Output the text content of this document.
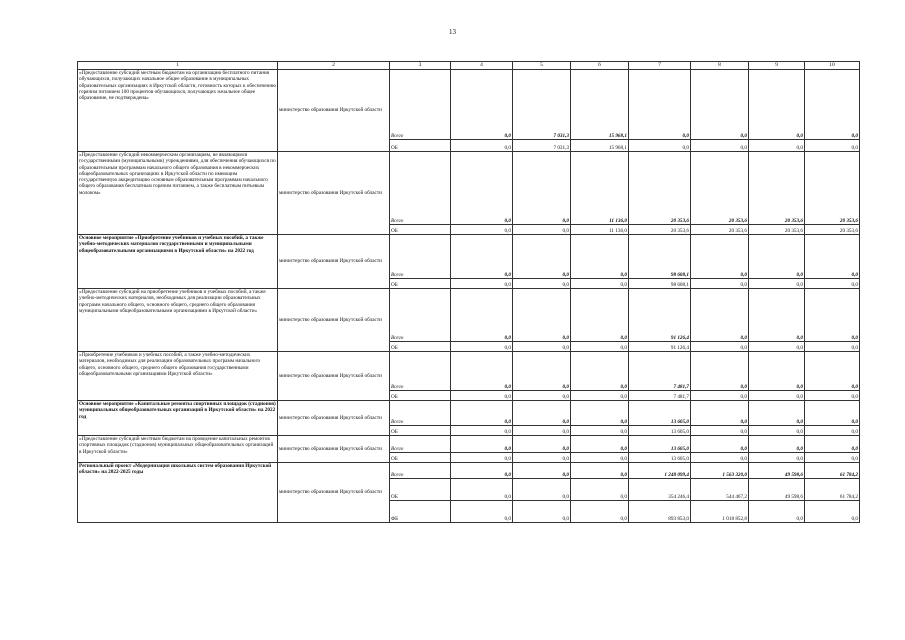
13
1	2	3	4	5	6	7	8	9	10
«Предоставление субсидий местным бюджетам на организацию бесплатного питания обучающихся, получающих начальное общее образование в муниципальных образовательных организациях в Иркутской области, готовность которых к обеспечению горячим питанием 100 процентов обучающихся, получающих начальное общее образование, не подтверждена»	министерство образования Иркутской области	Всего	0,0	7 031,3	15 968,1	0,0	0,0	0,0	0,0
		ОБ	0,0	7 031,3	15 968,1	0,0	0,0	0,0	0,0
«Предоставление субсидий некоммерческим организациям, не являющимся государственными (муниципальными) учреждениями, для обеспечения обучающихся по образовательным программам начального общего образования в некоммерческих общеобразовательных организациях в Иркутской области по имеющим государственную аккредитацию основным образовательным программам начального общего образования бесплатным горячим питанием, а также бесплатным питьевым молоком»	министерство образования Иркутской области	Всего	0,0	0,0	11 136,0	20 353,6	20 353,6	20 353,6	20 353,6
		ОБ	0,0	0,0	11 136,0	20 353,6	20 353,6	20 353,6	20 353,6
Основное мероприятие «Приобретение учебников и учебных пособий, а также учебно-методических материалов государственными и муниципальными общеобразовательными организациями в Иркутской области» на 2022 год	министерство образования Иркутской области	Всего	0,0	0,0	0,0	98 608,1	0,0	0,0	0,0
		ОБ	0,0	0,0	0,0	98 608,1	0,0	0,0	0,0
«Предоставление субсидий на приобретение учебников и учебных пособий, а также учебно-методических материалов, необходимых для реализации образовательных программ начального общего, основного общего, среднего общего образования муниципальными общеобразовательными организациями в Иркутской области»	министерство образования Иркутской области	Всего	0,0	0,0	0,0	91 126,4	0,0	0,0	0,0
		ОБ	0,0	0,0	0,0	91 126,4	0,0	0,0	0,0
«Приобретение учебников и учебных пособий, а также учебно-методических материалов, необходимых для реализации образовательных программ начального общего, основного общего, среднего общего образования государственными общеобразовательными организациями Иркутской области»	министерство образования Иркутской области	Всего	0,0	0,0	0,0	7 481,7	0,0	0,0	0,0
		ОБ	0,0	0,0	0,0	7 481,7	0,0	0,0	0,0
Основное мероприятие «Капитальные ремонты спортивных площадок (стадионов) муниципальных общеобразовательных организаций в Иркутской области» на 2022 год	министерство образования Иркутской области	Всего	0,0	0,0	0,0	13 605,0	0,0	0,0	0,0
		ОБ	0,0	0,0	0,0	13 605,0	0,0	0,0	0,0
«Предоставление субсидий местным бюджетам на проведение капитальных ремонтов спортивных площадок (стадионов) муниципальных общеобразовательных организаций в Иркутской области»	министерство образования Иркутской области	Всего	0,0	0,0	0,0	13 605,0	0,0	0,0	0,0
		ОБ	0,0	0,0	0,0	13 605,0	0,0	0,0	0,0
Региональный проект «Модернизация школьных систем образования Иркутской области» на 2022-2025 годы	министерство образования Иркутской области	Всего	0,0	0,0	0,0	1 248 099,4	1 563 320,0	49 598,6	61 784,2
		ОБ	0,0	0,0	0,0	354 246,4	544 467,2	49 598,6	61 784,2
		ФБ	0,0	0,0	0,0	893 853,0	1 018 852,8	0,0	0,0
